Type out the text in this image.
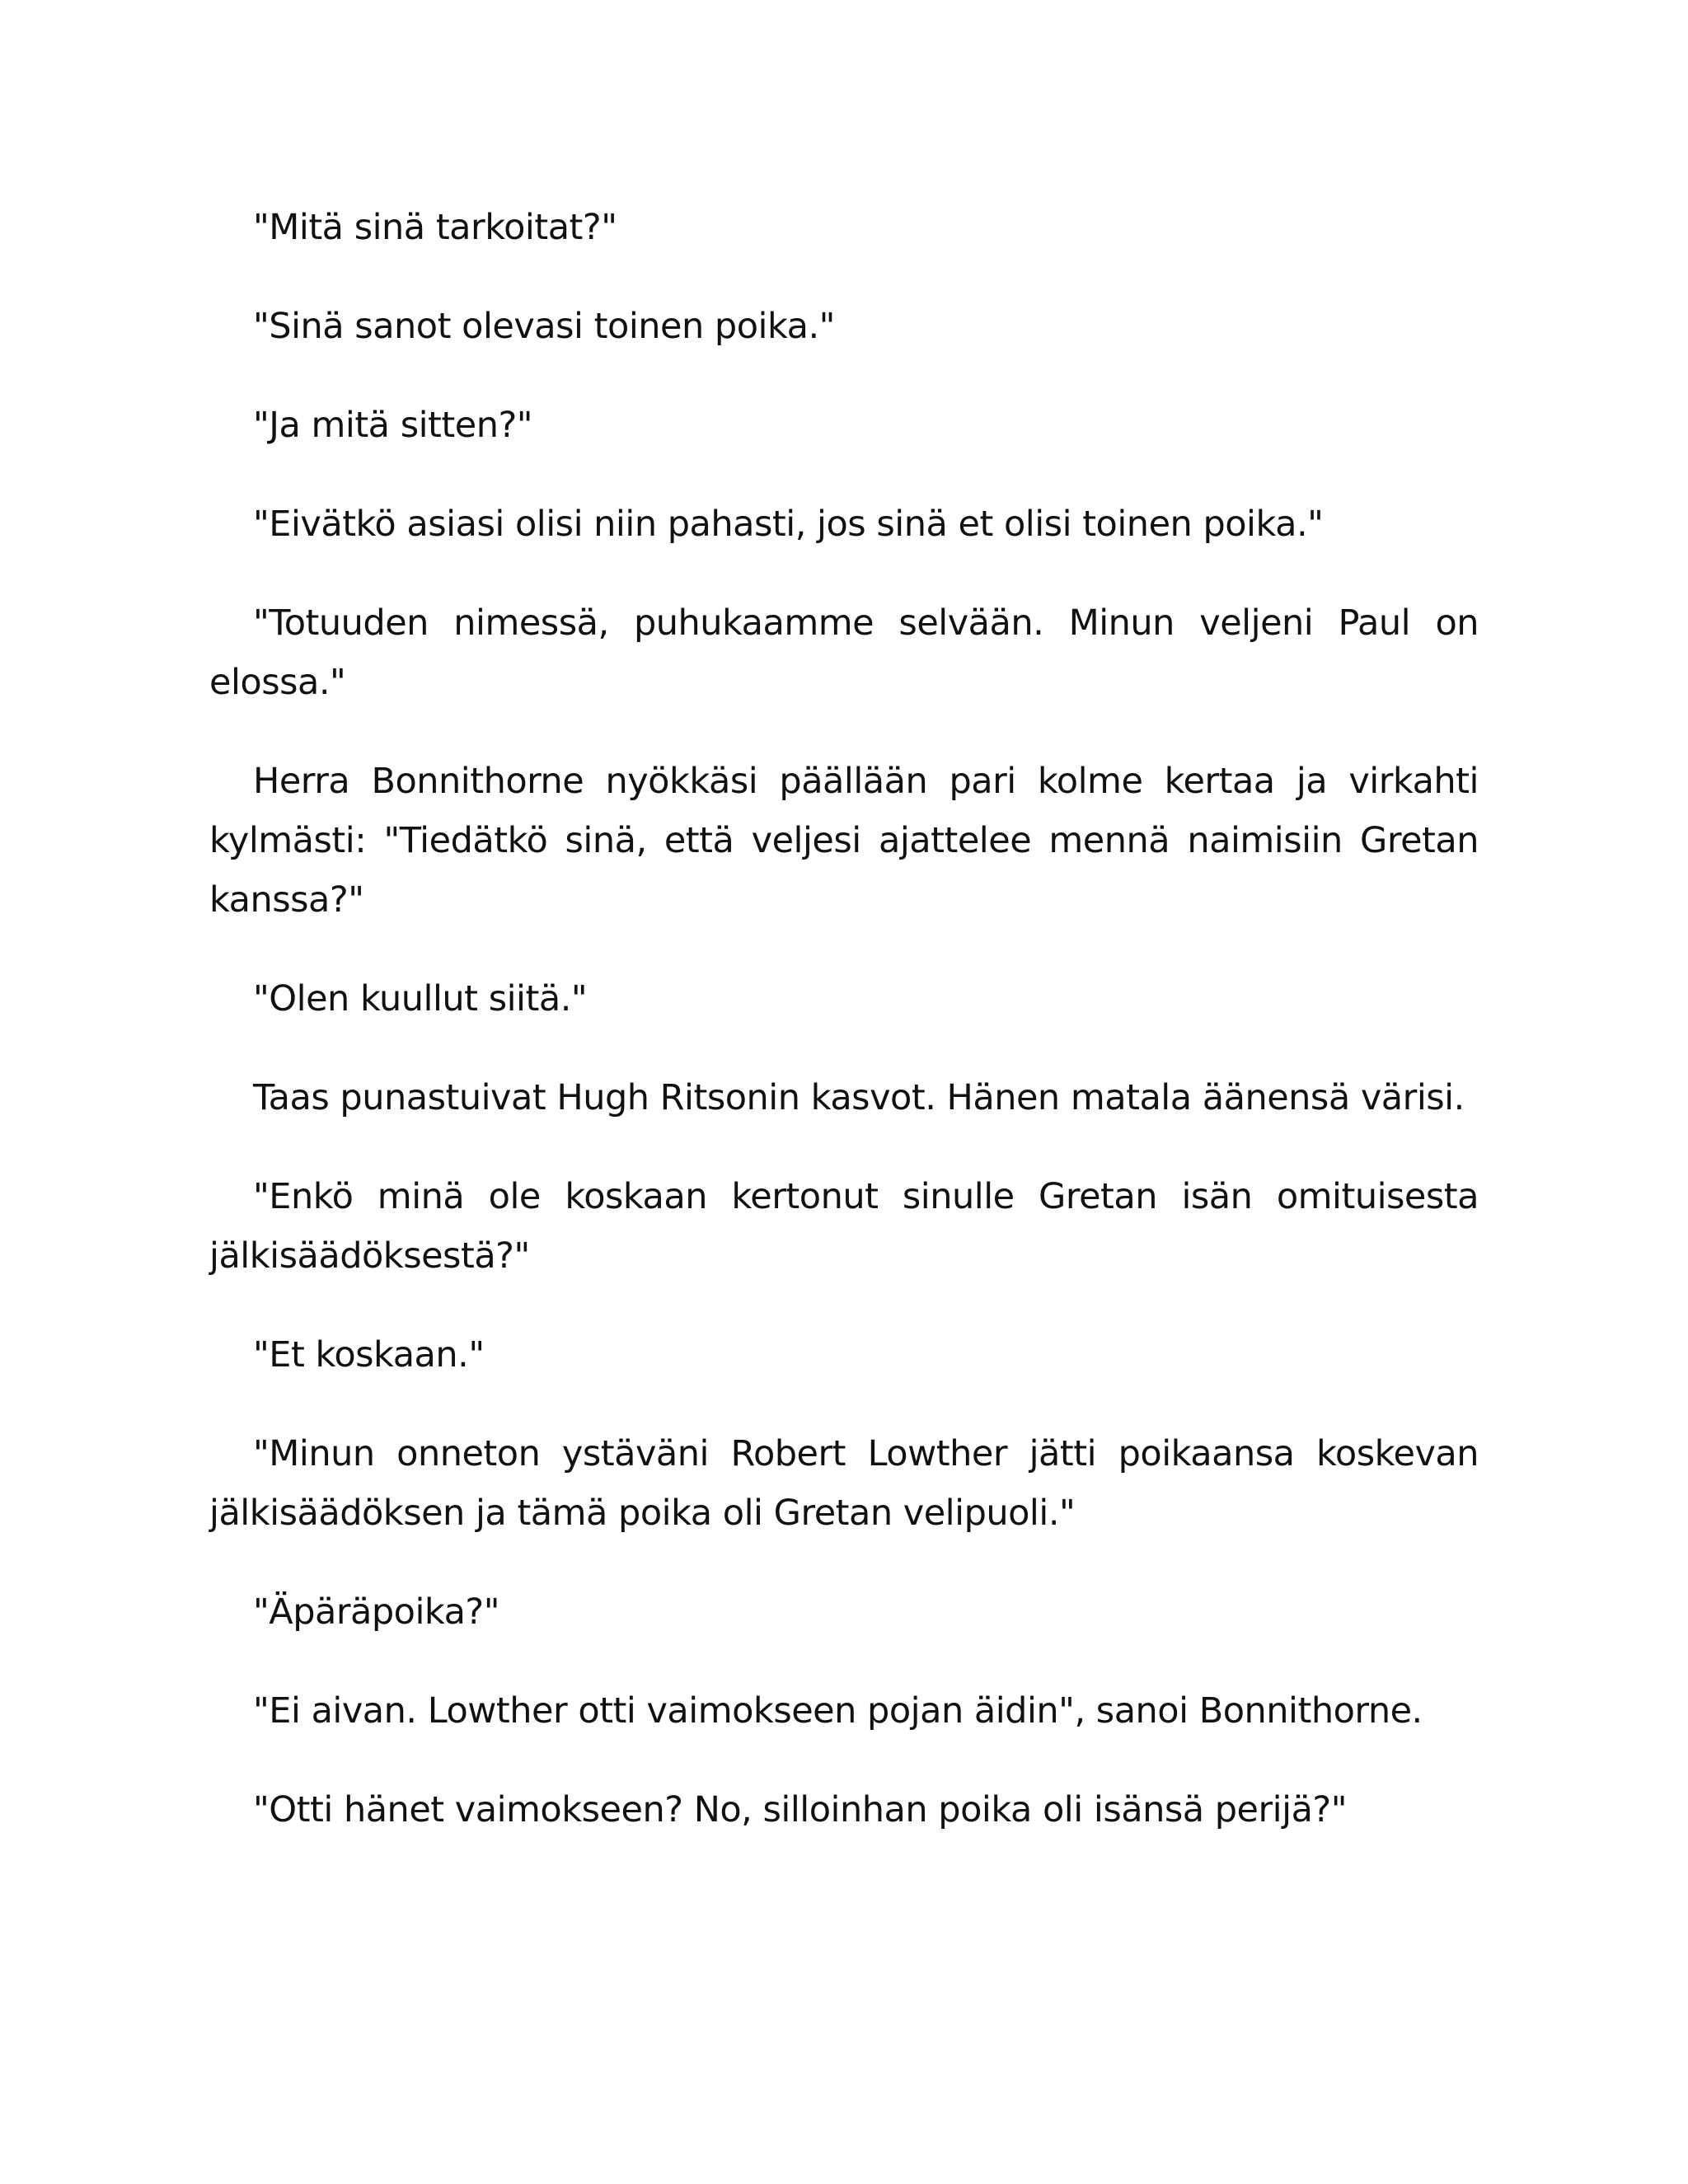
"Mitä sinä tarkoitat?"

"Sinä sanot olevasi toinen poika."

"Ja mitä sitten?"

"Eivätkö asiasi olisi niin pahasti, jos sinä et olisi toinen poika."

"Totuuden nimessä, puhukaamme selvään. Minun veljeni Paul on elossa."

Herra Bonnithorne nyökkäsi päällään pari kolme kertaa ja virkahti kylmästi: "Tiedätkö sinä, että veljesi ajattelee mennä naimisiin Gretan kanssa?"

"Olen kuullut siitä."

Taas punastuivat Hugh Ritsonin kasvot. Hänen matala äänensä värisi.

"Enkö minä ole koskaan kertonut sinulle Gretan isän omituisesta jälkisäädöksestä?"

"Et koskaan."

"Minun onneton ystäväni Robert Lowther jätti poikaansa koskevan jälkisäädöksen ja tämä poika oli Gretan velipuoli."

"Äpäräpoika?"

"Ei aivan. Lowther otti vaimokseen pojan äidin", sanoi Bonnithorne.

"Otti hänet vaimokseen? No, silloinhan poika oli isänsä perijä?"
